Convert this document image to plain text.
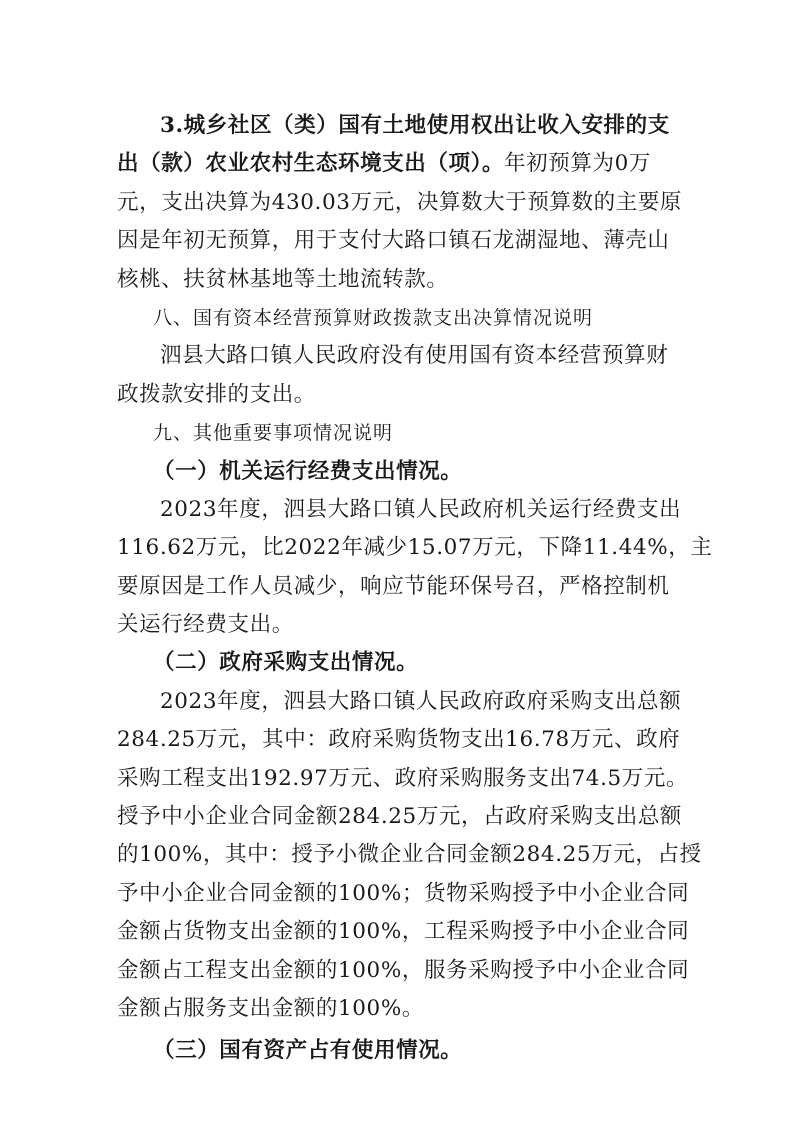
3.城乡社区（类）国有土地使用权出让收入安排的支
出（款）农业农村生态环境支出（项）。年初预算为0万
元，支出决算为430.03万元，决算数大于预算数的主要原
因是年初无预算，用于支付大路口镇石龙湖湿地、薄壳山
核桃、扶贫林基地等土地流转款。
八、国有资本经营预算财政拨款支出决算情况说明
泗县大路口镇人民政府没有使用国有资本经营预算财
政拨款安排的支出。
九、其他重要事项情况说明
（一）机关运行经费支出情况。
2023年度，泗县大路口镇人民政府机关运行经费支出
116.62万元，比2022年减少15.07万元，下降11.44%，主
要原因是工作人员减少，响应节能环保号召，严格控制机
关运行经费支出。
（二）政府采购支出情况。
2023年度，泗县大路口镇人民政府政府采购支出总额
284.25万元，其中：政府采购货物支出16.78万元、政府
采购工程支出192.97万元、政府采购服务支出74.5万元。
授予中小企业合同金额284.25万元，占政府采购支出总额
的100%，其中：授予小微企业合同金额284.25万元，占授
予中小企业合同金额的100%；货物采购授予中小企业合同
金额占货物支出金额的100%，工程采购授予中小企业合同
金额占工程支出金额的100%，服务采购授予中小企业合同
金额占服务支出金额的100%。
（三）国有资产占有使用情况。
